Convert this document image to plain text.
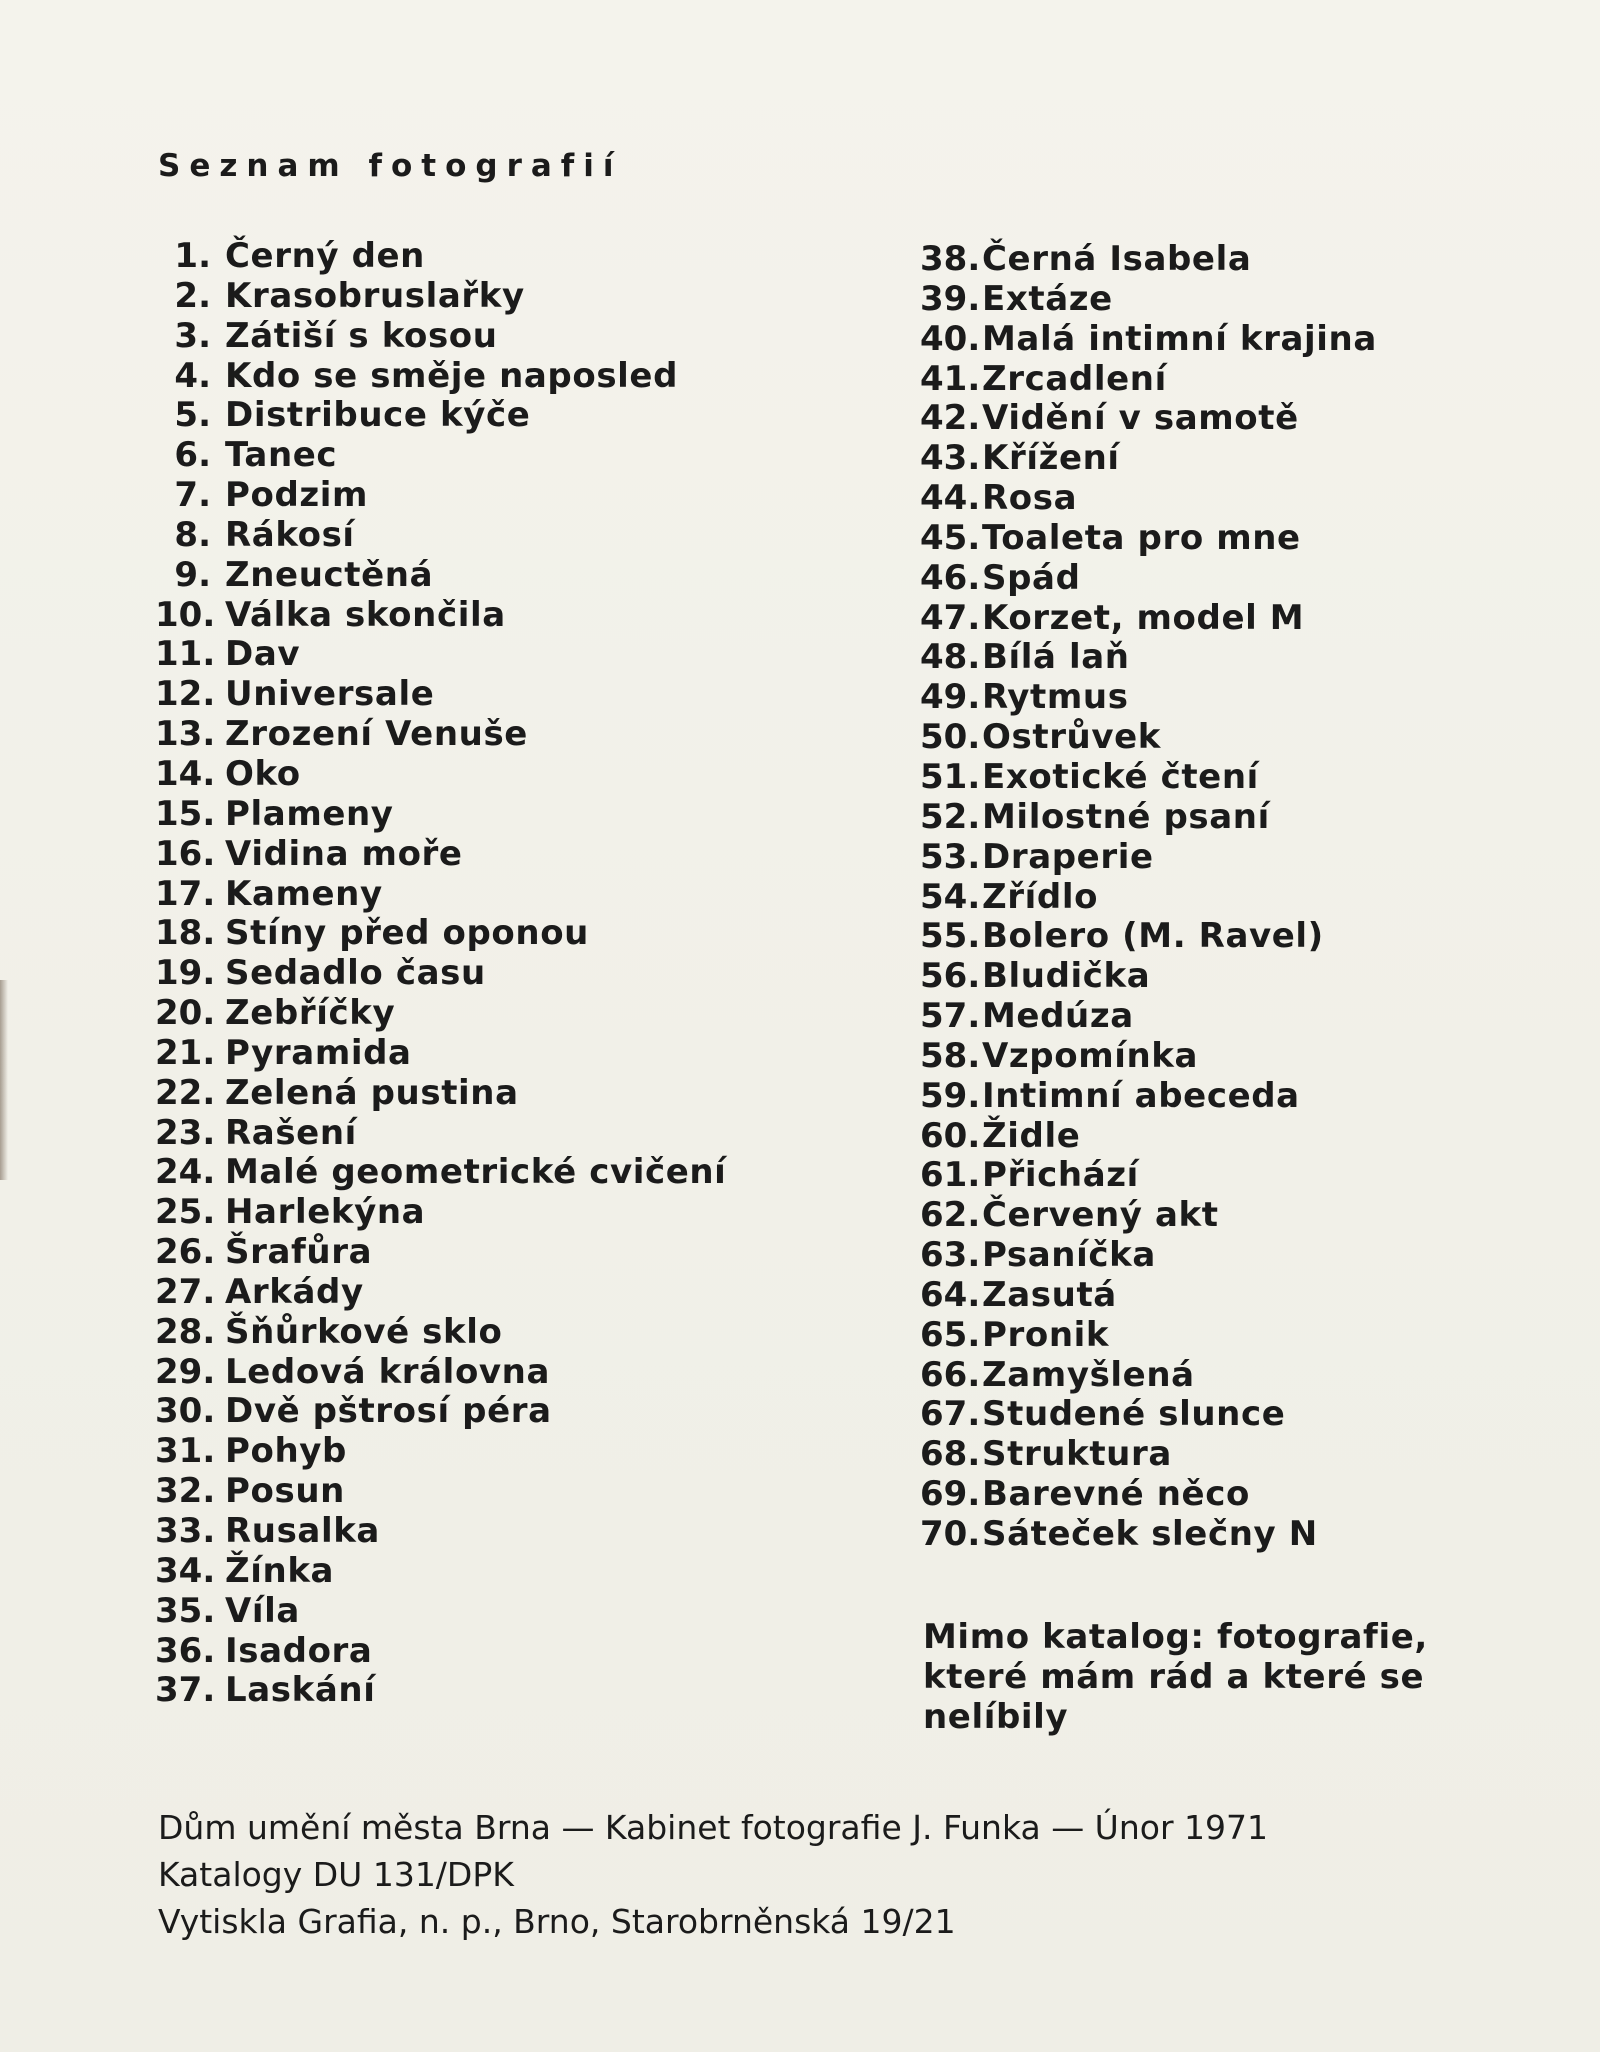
Seznam fotografií
1. Černý den
2. Krasobruslařky
3. Zátiší s kosou
4. Kdo se směje naposled
5. Distribuce kýče
6. Tanec
7. Podzim
8. Rákosí
9. Zneuctěná
10. Válka skončila
11. Dav
12. Universale
13. Zrození Venuše
14. Oko
15. Plameny
16. Vidina moře
17. Kameny
18. Stíny před oponou
19. Sedadlo času
20. Zebříčky
21. Pyramida
22. Zelená pustina
23. Rašení
24. Malé geometrické cvičení
25. Harlekýna
26. Šrafůra
27. Arkády
28. Šňůrkové sklo
29. Ledová královna
30. Dvě pštrosí péra
31. Pohyb
32. Posun
33. Rusalka
34. Žínka
35. Víla
36. Isadora
37. Laskání
38.Černá Isabela
39.Extáze
40.Malá intimní krajina
41.Zrcadlení
42.Vidění v samotě
43.Křížení
44.Rosa
45.Toaleta pro mne
46.Spád
47.Korzet, model M
48.Bílá laň
49.Rytmus
50.Ostrůvek
51.Exotické čtení
52.Milostné psaní
53.Draperie
54.Zřídlo
55.Bolero (M. Ravel)
56.Bludička
57.Medúza
58.Vzpomínka
59.Intimní abeceda
60.Židle
61.Přichází
62.Červený akt
63.Psaníčka
64.Zasutá
65.Pronik
66.Zamyšlená
67.Studené slunce
68.Struktura
69.Barevné něco
70.Sáteček slečny N

Mimo katalog: fotografie, které mám rád a které se nelíbily

Dům umění města Brna — Kabinet fotografie J. Funka — Únor 1971
Katalogy DU 131/DPK
Vytiskla Grafia, n. p., Brno, Starobrněnská 19/21
